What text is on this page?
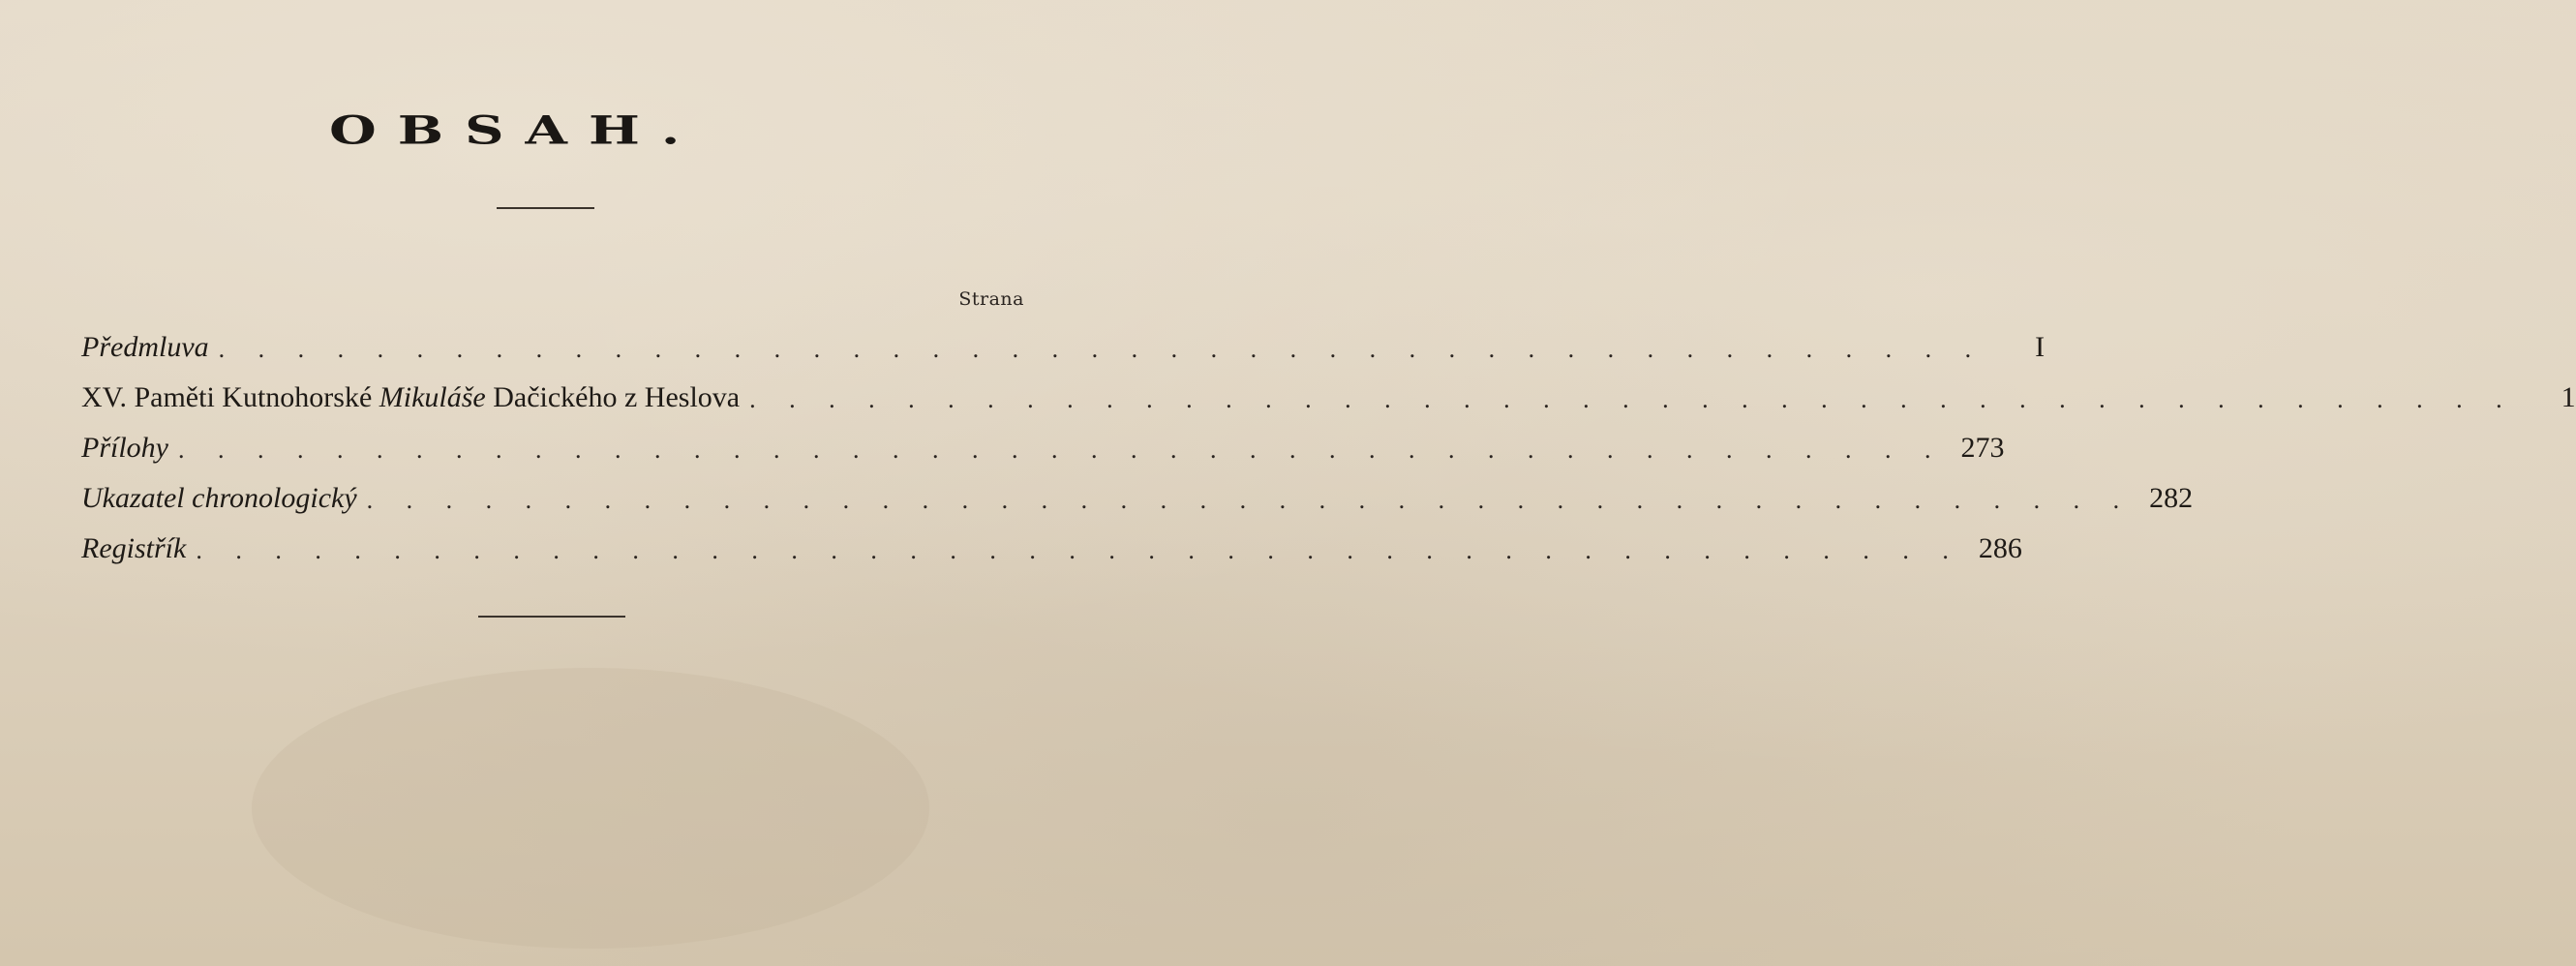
OBSAH.
Strana
Předmluva . . . . . . . . . . . . . . . . . . . . . . . . . . . . . . . . . . . . . . . . . . . . .	I
XV. Paměti Kutnohorské Mikuláše Dačického z Heslova . . . . . . . . . . . . . . . . . . . . . . . . . . . . . . . . . . . . . . . . . . . . .	1
Přílohy . . . . . . . . . . . . . . . . . . . . . . . . . . . . . . . . . . . . . . . . . . . . . 273
Ukazatel chronologický . . . . . . . . . . . . . . . . . . . . . . . . . . . . . . . . . . . . . . . . . . . . . 282
Registřík . . . . . . . . . . . . . . . . . . . . . . . . . . . . . . . . . . . . . . . . . . . . . 286
